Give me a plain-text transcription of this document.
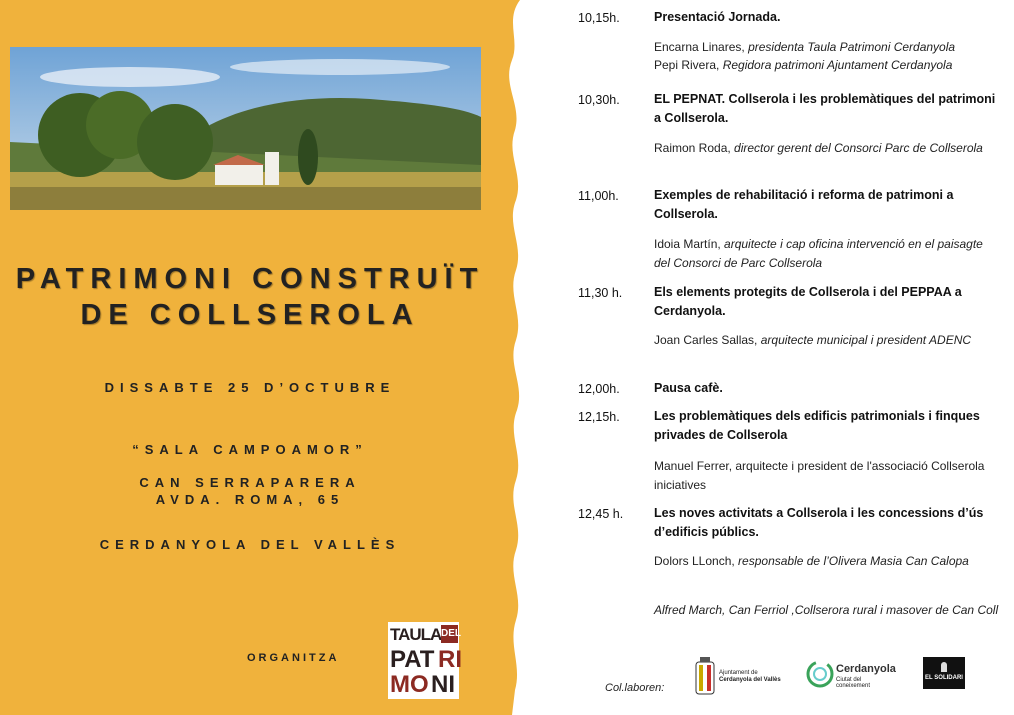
PATRIMONI CONSTRUÏT
DE COLLSEROLA
DISSABTE 25 D’OCTUBRE
“SALA CAMPOAMOR”
CAN SERRAPARERA
AVDA. ROMA, 65
CERDANYOLA DEL VALLÈS
ORGANITZA
TAULA DEL
PAT RI
MO NI
10,15h.	Presentació Jornada.
Encarna Linares, presidenta Taula Patrimoni Cerdanyola
Pepi Rivera, Regidora patrimoni Ajuntament Cerdanyola
10,30h.	EL PEPNAT. Collserola i les problemàtiques del patrimoni a Collserola.
Raimon Roda, director gerent del Consorci Parc de Collserola
11,00h.	Exemples de rehabilitació i reforma de patrimoni a Collserola.
Idoia Martín, arquitecte i cap oficina intervenció en el paisagte del Consorci de Parc Collserola
11,30 h.	Els elements protegits de Collserola i del PEPPAA a Cerdanyola.
Joan Carles Sallas, arquitecte municipal i president ADENC
12,00h.	Pausa cafè.
12,15h.	Les problemàtiques dels edificis patrimonials i finques privades de Collserola
Manuel Ferrer, arquitecte i president de l'associació Collserola iniciatives
12,45 h. Les noves activitats a Collserola i les concessions d’ús d’edificis públics.
Dolors LLonch, responsable de l’Olivera Masia Can Calopa
Alfred March, Can Ferriol ,Collserora rural i masover de Can Coll
Col.laboren:
Ajuntament de
Cerdanyola del Vallès
Cerdanyola
Ciutat del
coneixement
EL SOLIDARI
